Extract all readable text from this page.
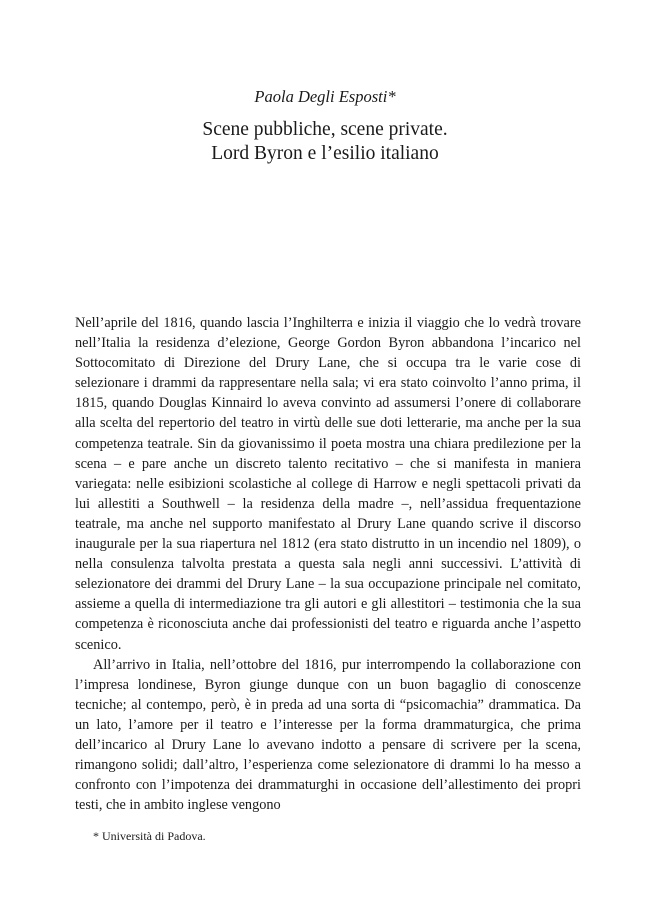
Paola Degli Esposti*
Scene pubbliche, scene private.
Lord Byron e l’esilio italiano

Nell’aprile del 1816, quando lascia l’Inghilterra e inizia il viaggio che lo vedrà trovare nell’Italia la residenza d’elezione, George Gordon Byron abbandona l’incarico nel Sottocomitato di Direzione del Drury Lane, che si occupa tra le varie cose di selezionare i drammi da rappresentare nella sala; vi era stato coinvolto l’anno prima, il 1815, quando Douglas Kinnaird lo aveva convinto ad assumersi l’onere di collaborare alla scelta del repertorio del teatro in virtù delle sue doti letterarie, ma anche per la sua competenza teatrale. Sin da giovanissimo il poeta mostra una chiara predilezione per la scena – e pare anche un discreto talento recitativo – che si manifesta in maniera variegata: nelle esibizioni scolastiche al college di Harrow e negli spettacoli privati da lui allestiti a Southwell – la residenza della madre –, nell’assidua frequentazione teatrale, ma anche nel supporto manifestato al Drury Lane quando scrive il discorso inaugurale per la sua riapertura nel 1812 (era stato distrutto in un incendio nel 1809), o nella consulenza talvolta prestata a questa sala negli anni successivi. L’attività di selezionatore dei drammi del Drury Lane – la sua occupazione principale nel comitato, assieme a quella di intermediazione tra gli autori e gli allestitori – testimonia che la sua competenza è riconosciuta anche dai professionisti del teatro e riguarda anche l’aspetto scenico.

All’arrivo in Italia, nell’ottobre del 1816, pur interrompendo la collaborazione con l’impresa londinese, Byron giunge dunque con un buon bagaglio di conoscenze tecniche; al contempo, però, è in preda ad una sorta di “psicomachia” drammatica. Da un lato, l’amore per il teatro e l’interesse per la forma drammaturgica, che prima dell’incarico al Drury Lane lo avevano indotto a pensare di scrivere per la scena, rimangono solidi; dall’altro, l’esperienza come selezionatore di drammi lo ha messo a confronto con l’impotenza dei drammaturghi in occasione dell’allestimento dei propri testi, che in ambito inglese vengono

* Università di Padova.
